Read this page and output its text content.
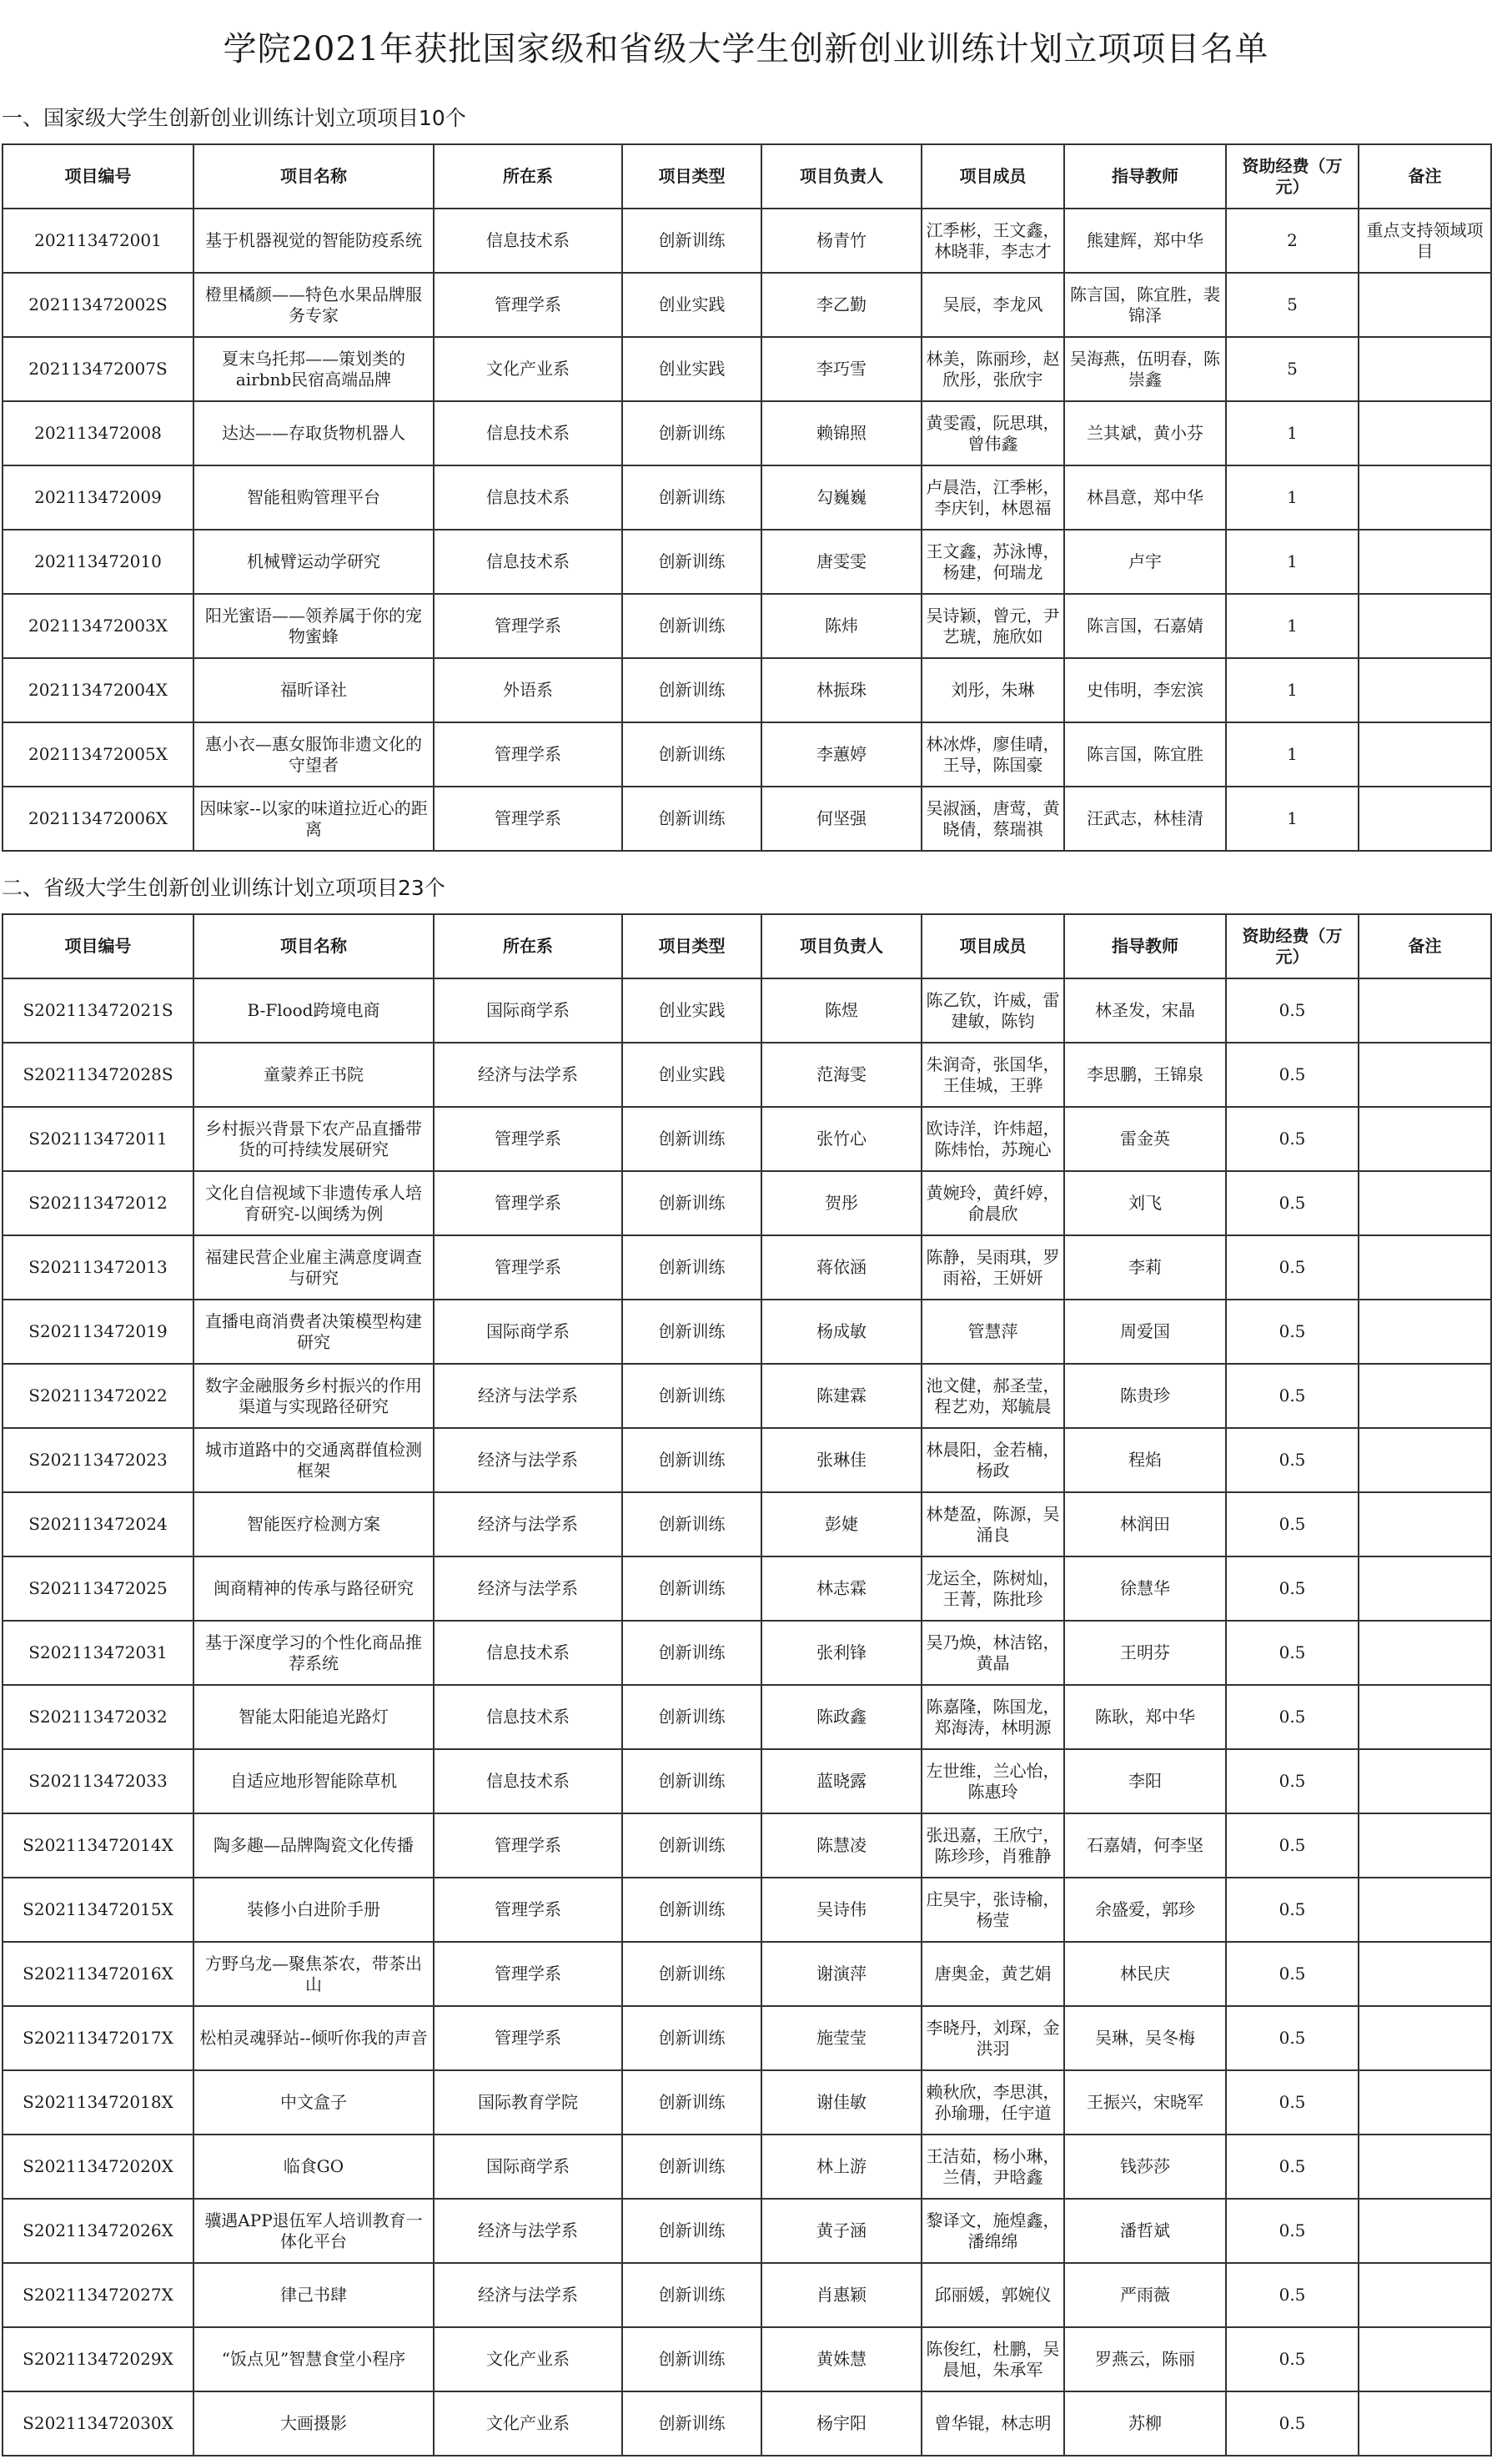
学院2021年获批国家级和省级大学生创新创业训练计划立项项目名单
一、国家级大学生创新创业训练计划立项项目10个
项目编号	项目名称	所在系	项目类型	项目负责人	项目成员	指导教师	资助经费（万元）	备注
202113472001	基于机器视觉的智能防疫系统	信息技术系	创新训练	杨青竹	江季彬，王文鑫，林晓菲，李志才	熊建辉，郑中华	2	重点支持领域项目
202113472002S	橙里橘颜——特色水果品牌服务专家	管理学系	创业实践	李乙勤	吴辰，李龙风	陈言国，陈宜胜，裴锦泽	5	
202113472007S	夏末乌托邦——策划类的airbnb民宿高端品牌	文化产业系	创业实践	李巧雪	林美，陈丽珍，赵欣彤，张欣宇	吴海燕，伍明春，陈崇鑫	5	
202113472008	达达——存取货物机器人	信息技术系	创新训练	赖锦照	黄雯霞，阮思琪，曾伟鑫	兰其斌，黄小芬	1	
202113472009	智能租购管理平台	信息技术系	创新训练	勾巍巍	卢晨浩，江季彬，李庆钊，林恩福	林昌意，郑中华	1	
202113472010	机械臂运动学研究	信息技术系	创新训练	唐雯雯	王文鑫，苏泳博，杨建，何瑞龙	卢宇	1	
202113472003X	阳光蜜语——领养属于你的宠物蜜蜂	管理学系	创新训练	陈炜	吴诗颖，曾元，尹艺琥，施欣如	陈言国，石嘉婧	1	
202113472004X	福昕译社	外语系	创新训练	林振珠	刘彤，朱琳	史伟明，李宏滨	1	
202113472005X	惠小衣—惠女服饰非遗文化的守望者	管理学系	创新训练	李蕙婷	林冰烨，廖佳晴，王导，陈国豪	陈言国，陈宜胜	1	
202113472006X	因味家--以家的味道拉近心的距离	管理学系	创新训练	何坚强	吴淑涵，唐莺，黄晓倩，蔡瑞祺	汪武志，林桂清	1	
二、省级大学生创新创业训练计划立项项目23个
项目编号	项目名称	所在系	项目类型	项目负责人	项目成员	指导教师	资助经费（万元）	备注
S202113472021S	B-Flood跨境电商	国际商学系	创业实践	陈煜	陈乙钦，许威，雷建敏，陈钧	林圣发，宋晶	0.5	
S202113472028S	童蒙养正书院	经济与法学系	创业实践	范海雯	朱润奇，张国华，王佳城，王骅	李思鹏，王锦泉	0.5	
S202113472011	乡村振兴背景下农产品直播带货的可持续发展研究	管理学系	创新训练	张竹心	欧诗洋，许炜超，陈炜怡，苏琬心	雷金英	0.5	
S202113472012	文化自信视域下非遗传承人培育研究-以闽绣为例	管理学系	创新训练	贺彤	黄婉玲，黄纤婷，俞晨欣	刘飞	0.5	
S202113472013	福建民营企业雇主满意度调查与研究	管理学系	创新训练	蒋依涵	陈静，吴雨琪，罗雨裕，王妍妍	李莉	0.5	
S202113472019	直播电商消费者决策模型构建研究	国际商学系	创新训练	杨成敏	管慧萍	周爱国	0.5	
S202113472022	数字金融服务乡村振兴的作用渠道与实现路径研究	经济与法学系	创新训练	陈建霖	池文健，郝圣莹，程艺劝，郑毓晨	陈贵珍	0.5	
S202113472023	城市道路中的交通离群值检测框架	经济与法学系	创新训练	张琳佳	林晨阳，金若楠，杨政	程焰	0.5	
S202113472024	智能医疗检测方案	经济与法学系	创新训练	彭婕	林楚盈，陈源，吴涌良	林润田	0.5	
S202113472025	闽商精神的传承与路径研究	经济与法学系	创新训练	林志霖	龙运全，陈树灿，王菁，陈批珍	徐慧华	0.5	
S202113472031	基于深度学习的个性化商品推荐系统	信息技术系	创新训练	张利锋	吴乃焕，林洁铭，黄晶	王明芬	0.5	
S202113472032	智能太阳能追光路灯	信息技术系	创新训练	陈政鑫	陈嘉隆，陈国龙，郑海涛，林明源	陈耿，郑中华	0.5	
S202113472033	自适应地形智能除草机	信息技术系	创新训练	蓝晓露	左世维，兰心怡，陈惠玲	李阳	0.5	
S202113472014X	陶多趣—品牌陶瓷文化传播	管理学系	创新训练	陈慧凌	张迅嘉，王欣宁，陈珍珍，肖雅静	石嘉婧，何李坚	0.5	
S202113472015X	装修小白进阶手册	管理学系	创新训练	吴诗伟	庄昊宇，张诗榆，杨莹	余盛爱，郭珍	0.5	
S202113472016X	方野乌龙—聚焦茶农，带茶出山	管理学系	创新训练	谢演萍	唐奥金，黄艺娟	林民庆	0.5	
S202113472017X	松柏灵魂驿站--倾听你我的声音	管理学系	创新训练	施莹莹	李晓丹，刘琛，金洪羽	吴琳，吴冬梅	0.5	
S202113472018X	中文盒子	国际教育学院	创新训练	谢佳敏	赖秋欣，李思淇，孙瑜珊，任宇道	王振兴，宋晓军	0.5	
S202113472020X	临食GO	国际商学系	创新训练	林上游	王洁茹，杨小琳，兰倩，尹晗鑫	钱莎莎	0.5	
S202113472026X	骥遇APP退伍军人培训教育一体化平台	经济与法学系	创新训练	黄子涵	黎译文，施煌鑫，潘绵绵	潘哲斌	0.5	
S202113472027X	律己书肆	经济与法学系	创新训练	肖惠颖	邱丽媛，郭婉仪	严雨薇	0.5	
S202113472029X	“饭点见”智慧食堂小程序	文化产业系	创新训练	黄姝慧	陈俊红，杜鹏，吴晨旭，朱承军	罗燕云，陈丽	0.5	
S202113472030X	大画摄影	文化产业系	创新训练	杨宇阳	曾华锟，林志明	苏柳	0.5	
